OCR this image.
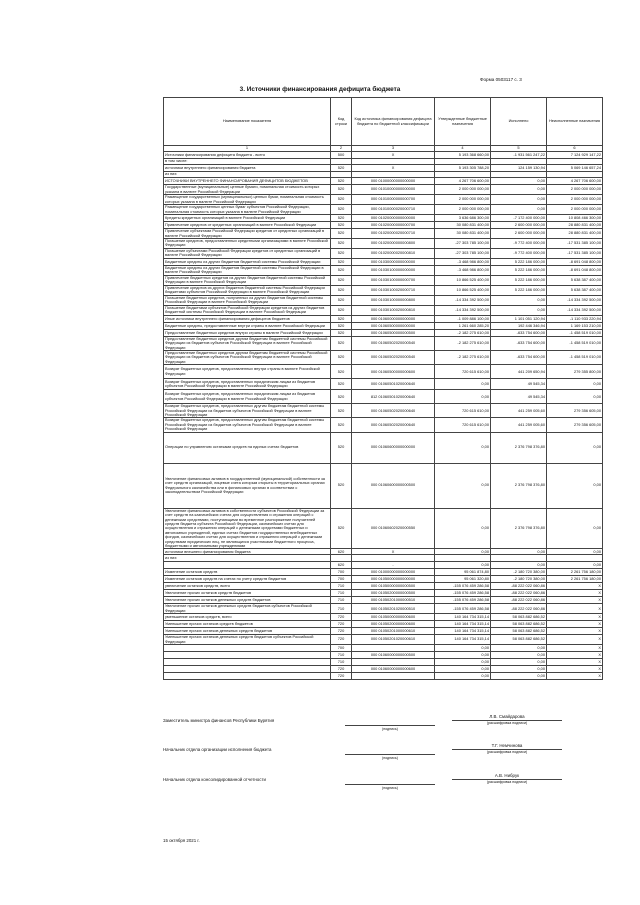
Форма 0503117 с. 3
3. Источники финансирования дефицита бюджета
Наименование показателя	Код строки	Код источника финансирования дефицита бюджета по бюджетной классификации	Утвержденные бюджетные назначения	Исполнено	Неисполненные назначения
1	2	3	4	5	6
Источники финансирования дефицита бюджета - всего	500	X	5 193 368 660,00	-1 931 561 247,22	7 124 929 147,22
в том числе:					
источники внутреннего финансирования бюджета	520	X	5 193 305 788,20	124 159 130,94	5 069 146 657,24
из них:					
ИСТОЧНИКИ ВНУТРЕННЕГО ФИНАНСИРОВАНИЯ ДЕФИЦИТОВ БЮДЖЕТОВ	520	000 01000000000000000	4 267 706 600,00	0,00	4 267 706 600,00
Государственные (муниципальные) ценные бумаги, номинальная стоимость которых указана в валюте Российской Федерации	520	000 01010000000000000	2 000 000 000,00	0,00	2 000 000 000,00
Размещение государственных (муниципальных) ценных бумаг, номинальная стоимость которых указана в валюте Российской Федерации	520	000 01010000000000700	2 000 000 000,00	0,00	2 000 000 000,00
Размещение государственных ценных бумаг субъектов Российской Федерации, номинальная стоимость которых указана в валюте Российской Федерации	520	000 01010000020000710	2 000 000 000,00	0,00	2 000 000 000,00
Кредиты кредитных организаций в валюте Российской Федерации	520	000 01020000000000000	3 636 686 300,00	-7 172 400 000,00	10 808 466 300,00
Привлечение кредитов от кредитных организаций в валюте Российской Федерации	520	000 01020000000000700	30 080 831 400,00	2 600 000 000,00	28 880 831 400,00
Привлечение субъектами Российской Федерации кредитов от кредитных организаций в валюте Российской Федерации	520	000 01020000020000710	30 080 831 400,00	2 600 000 000,00	28 880 831 400,00
Погашение кредитов, предоставленных кредитными организациями в валюте Российской Федерации	520	000 01020000000000800	-27 303 785 100,00	-9 772 400 000,00	-17 531 385 100,00
Погашение субъектами Российской Федерации кредитов от кредитных организаций в валюте Российской Федерации	520	000 01020000020000810	-27 303 785 100,00	-9 772 400 000,00	-17 531 385 100,00
Бюджетные кредиты из других бюджетов бюджетной системы Российской Федерации	520	000 01030000000000000	-3 468 986 800,00	5 222 186 000,00	-8 691 048 800,00
Бюджетные кредиты из других бюджетов бюджетной системы Российской Федерации в валюте Российской Федерации	520	000 01030100000000000	-3 468 986 800,00	5 222 186 000,00	-8 691 048 800,00
Привлечение бюджетных кредитов из других бюджетов бюджетной системы Российской Федерации в валюте Российской Федерации	520	000 01030100000000700	10 866 525 400,00	5 222 186 000,00	5 638 387 400,00
Привлечение кредитов из других бюджетов бюджетной системы Российской Федерации бюджетами субъектов Российской Федерации в валюте Российской Федерации	520	000 01030100020000710	10 866 525 400,00	5 222 186 000,00	5 638 387 400,00
Погашение бюджетных кредитов, полученных из других бюджетов бюджетной системы Российской Федерации в валюте Российской Федерации	520	000 01030100000000800	-14 334 392 500,00	0,00	-14 334 392 500,00
Погашение бюджетами субъектов Российской Федерации кредитов из других бюджетов бюджетной системы Российской Федерации в валюте Российской Федерации	520	000 01030100020000810	-14 334 392 500,00	0,00	-14 334 392 500,00
Иные источники внутреннего финансирования дефицитов бюджетов	520	000 01060000000000000	-1 009 886 100,00	1 101 051 120,94	-1 110 933 220,94
Бюджетные кредиты, предоставленные внутри страны в валюте Российской Федерации	520	000 01060500000000000	1 261 660 285,20	192 446 346,94	1 169 153 210,00
Предоставление бюджетных кредитов внутри страны в валюте Российской Федерации	520	000 01060500000000500	-2 182 275 610,00	-633 754 600,00	-1 458 519 010,00
Предоставление бюджетных кредитов другим бюджетам бюджетной системы Российской Федерации из бюджетов субъектов Российской Федерации в валюте Российской Федерации	520	000 01060502020000540	-2 182 275 610,00	-633 754 600,00	-1 458 519 010,00
Предоставление бюджетных кредитов другим бюджетам бюджетной системы Российской Федерации из бюджетов субъектов Российской Федерации в валюте Российской Федерации	520	000 01060502020000540	-2 182 275 610,00	-633 754 600,00	-1 458 519 010,00
Возврат бюджетных кредитов, предоставленных внутри страны в валюте Российской Федерации	520	000 01060500000000600	720 615 610,00	441 209 650,94	279 355 800,00
Возврат бюджетных кредитов, предоставленных юридическим лицам из бюджетов субъектов Российской Федерации в валюте Российской Федерации	520	000 01060501020000640	0,00	49 545,34	0,00
Возврат бюджетных кредитов, предоставленных юридическим лицам из бюджетов субъектов Российской Федерации в валюте Российской Федерации	520	812 01060501020000640	0,00	49 545,34	0,00
Возврат бюджетных кредитов, предоставленных другим бюджетам бюджетной системы Российской Федерации из бюджетов субъектов Российской Федерации в валюте Российской Федерации	520	000 01060502020000640	720 615 610,00	441 259 005,60	279 356 605,00
Возврат бюджетных кредитов, предоставленных другим бюджетам бюджетной системы Российской Федерации из бюджетов субъектов Российской Федерации в валюте Российской Федерации	520	000 01060502020000640	720 615 610,00	441 259 005,60	279 356 605,00
Операции по управлению остатками средств на единых счетах бюджетов	520	000 01060600000000000	0,00	2 376 798 376,80	0,00
Увеличение финансовых активов в государственной (муниципальной) собственности за счет средств организаций, лицевые счета которым открыты в территориальных органах Федерального казначейства или в финансовых органах в соответствии с законодательством Российской Федерации	520	000 01060600000000500	0,00	2 376 798 376,80	0,00
Увеличение финансовых активов в собственности субъектов Российской Федерации за счет средств на казначейских счетах для осуществления и отражения операций с денежными средствами, поступающими во временное распоряжение получателей средств бюджета субъекта Российской Федерации, казначейских счетах для осуществления и отражения операций с денежными средствами бюджетных и автономных учреждений, единых счетах бюджетов государственных внебюджетных фондов, казначейских счетах для осуществления и отражения операций с денежными средствами юридических лиц, не являющихся участниками бюджетного процесса, бюджетными и автономными учреждениями	520	000 01060602020000550	0,00	2 376 798 376,80	0,00
источники внешнего финансирования бюджета	620	X	0,00	0,00	0,00
из них:					
	620	-	0,00	0,00	0,00
Изменение остатков средств	700	000 01000000000000000	95 061 874,80	-2 180 720 380,00	2 261 756 180,00
Изменение остатков средств на счетах по учету средств бюджетов	700	000 01050000000000000	95 061 320,80	-2 180 720 380,00	2 261 756 180,00
увеличение остатков средств, всего	710	000 01050000000000500	-155 076 459 286,58	-88 222 022 060,86	X
Увеличение прочих остатков средств бюджетов	710	000 01050200000000500	-155 076 459 286,58	-88 222 022 060,86	X
Увеличение прочих остатков денежных средств бюджетов	710	000 01050201000000510	-155 076 459 286,58	-88 222 022 060,86	X
Увеличение прочих остатков денежных средств бюджетов субъектов Российской Федерации	710	000 01050201020000510	-155 076 459 286,58	-88 222 022 060,86	X
уменьшение остатков средств, всего	720	000 01050000000000600	140 164 734 315,14	58 063 882 686,52	X
Уменьшение прочих остатков средств бюджетов	720	000 01050200000000600	140 164 734 315,14	58 063 882 686,52	X
Уменьшение прочих остатков денежных средств бюджетов	720	000 01050201000000610	140 164 734 315,14	58 063 882 686,52	X
Уменьшение прочих остатков денежных средств бюджетов субъектов Российской Федерации	720	000 01050201020000610	140 164 734 315,14	58 063 882 686,52	X
	700		0,00	0,00	X
	710	000 01060000000000500	0,00	0,00	X
	710		0,00	0,00	X
	720	000 01060000000000600	0,00	0,00	X
	720		0,00	0,00	X
Заместитель министра финансов Республики Бурятия
(подпись)
Л.В. Смайдарова
(расшифровка подписи)
Начальник отдела организации исполнения бюджета
(подпись)
Т.Г. Немчинова
(расшифровка подписи)
Начальник отдела консолидированной отчетности
(подпись)
А.В. Нибрук
(расшифровка подписи)
15 октября 2021 г.
